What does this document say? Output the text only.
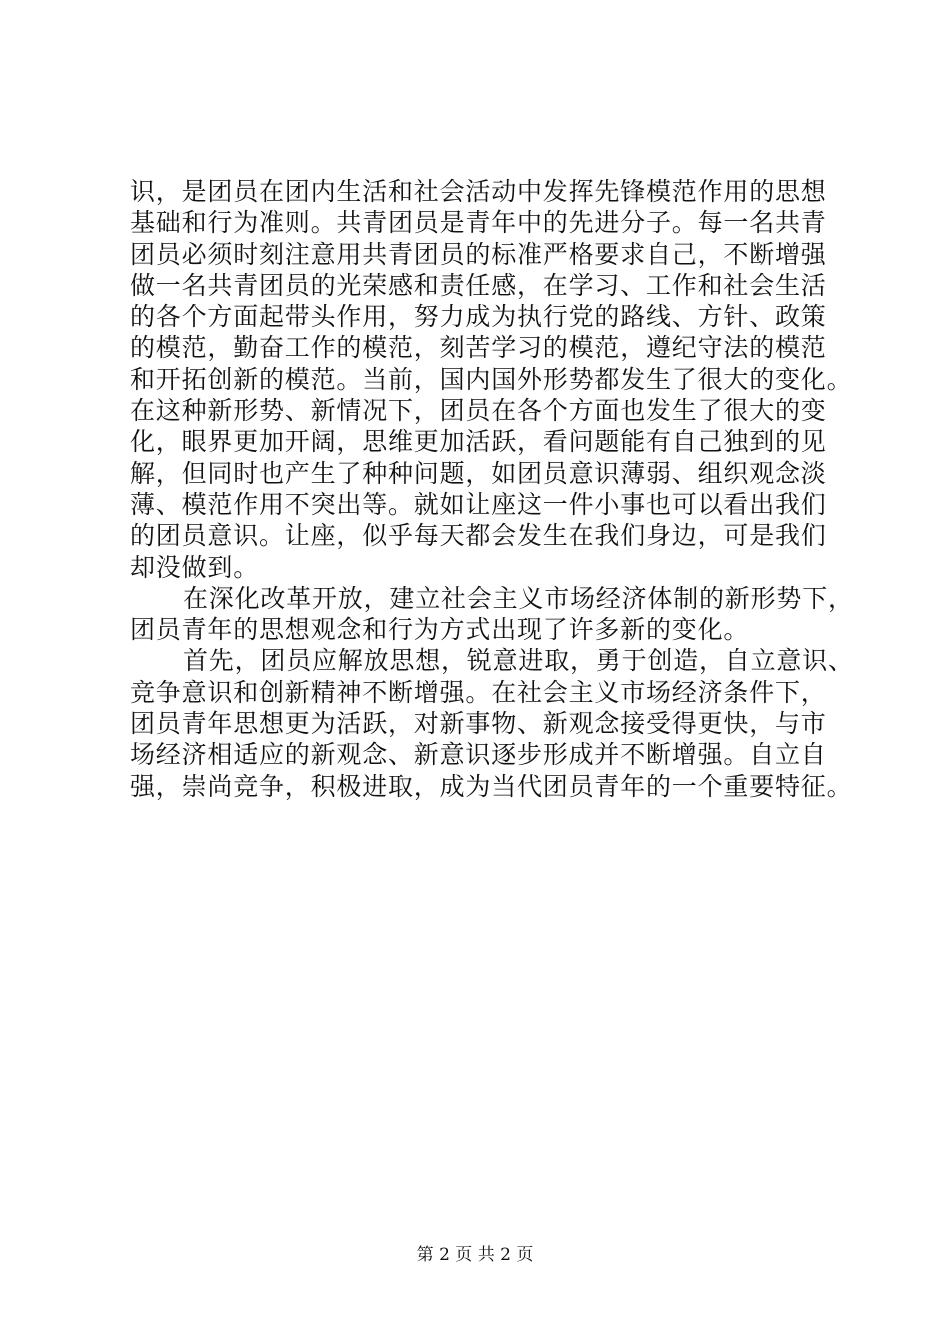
识，是团员在团内生活和社会活动中发挥先锋模范作用的思想
基础和行为准则。共青团员是青年中的先进分子。每一名共青
团员必须时刻注意用共青团员的标准严格要求自己，不断增强
做一名共青团员的光荣感和责任感，在学习、工作和社会生活
的各个方面起带头作用，努力成为执行党的路线、方针、政策
的模范，勤奋工作的模范，刻苦学习的模范，遵纪守法的模范
和开拓创新的模范。当前，国内国外形势都发生了很大的变化。
在这种新形势、新情况下，团员在各个方面也发生了很大的变
化，眼界更加开阔，思维更加活跃，看问题能有自己独到的见
解，但同时也产生了种种问题，如团员意识薄弱、组织观念淡
薄、模范作用不突出等。就如让座这一件小事也可以看出我们
的团员意识。让座，似乎每天都会发生在我们身边，可是我们
却没做到。
在深化改革开放，建立社会主义市场经济体制的新形势下，
团员青年的思想观念和行为方式出现了许多新的变化。
首先，团员应解放思想，锐意进取，勇于创造，自立意识、
竞争意识和创新精神不断增强。在社会主义市场经济条件下，
团员青年思想更为活跃，对新事物、新观念接受得更快，与市
场经济相适应的新观念、新意识逐步形成并不断增强。自立自
强，崇尚竞争，积极进取，成为当代团员青年的一个重要特征。
第 2 页 共 2 页
